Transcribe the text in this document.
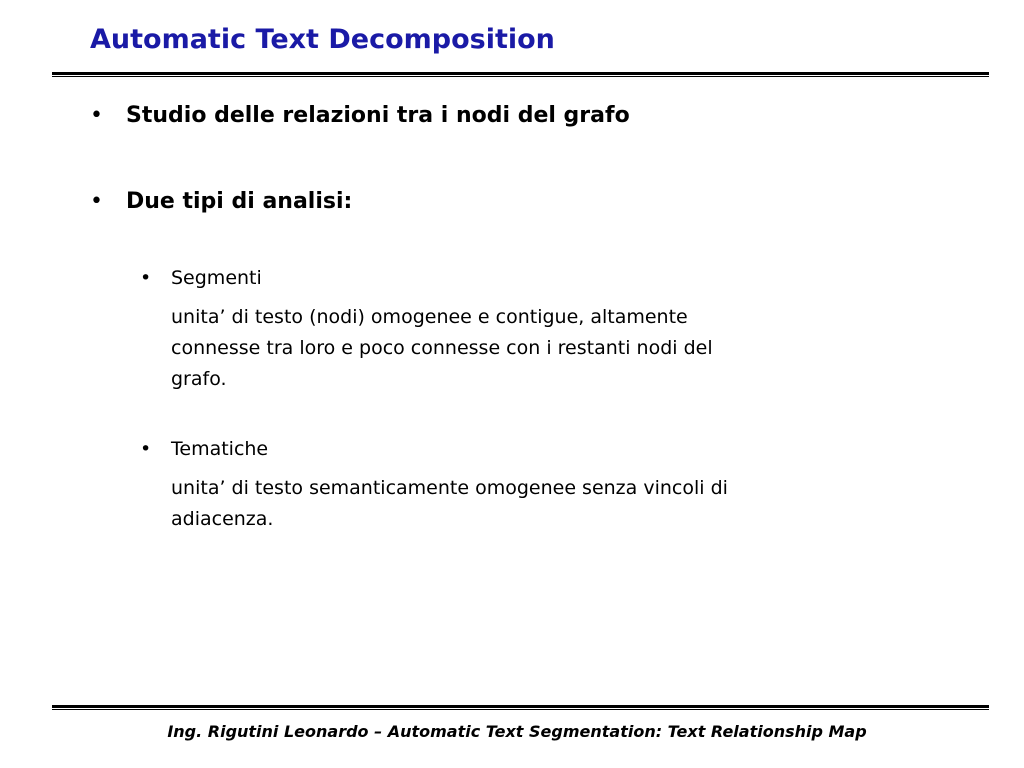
Automatic Text Decomposition
• Studio delle relazioni tra i nodi del grafo
• Due tipi di analisi:
• Segmenti

unita’ di testo (nodi) omogenee e contigue, altamente
connesse tra loro e poco connesse con i restanti nodi del
grafo.

• Tematiche

unita’ di testo semanticamente omogenee senza vincoli di
adiacenza.

Ing. Rigutini Leonardo – Automatic Text Segmentation: Text Relationship Map
